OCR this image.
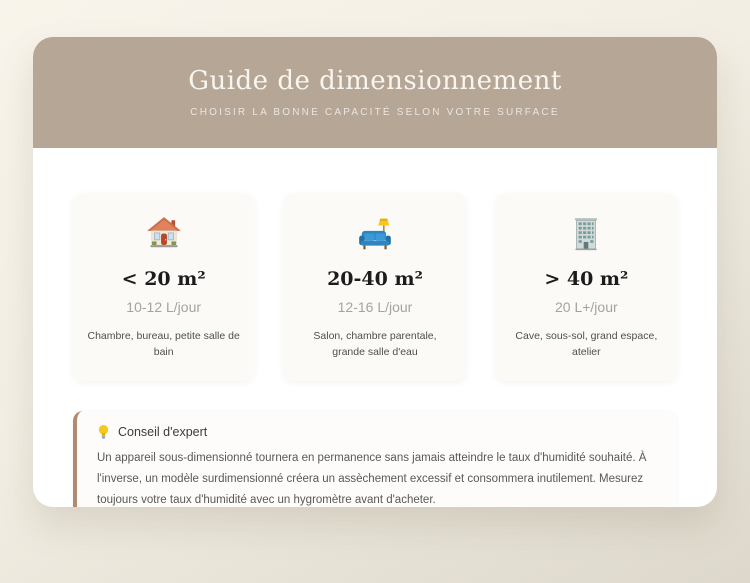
Guide de dimensionnement
CHOISIR LA BONNE CAPACITÉ SELON VOTRE SURFACE
< 20 m²
10-12 L/jour
Chambre, bureau, petite salle de bain
20-40 m²
12-16 L/jour
Salon, chambre parentale, grande salle d'eau
> 40 m²
20 L+/jour
Cave, sous-sol, grand espace, atelier
Conseil d'expert

Un appareil sous-dimensionné tournera en permanence sans jamais atteindre le taux d'humidité souhaité. À l'inverse, un modèle surdimensionné créera un assèchement excessif et consommera inutilement. Mesurez toujours votre taux d'humidité avec un hygromètre avant d'acheter.
